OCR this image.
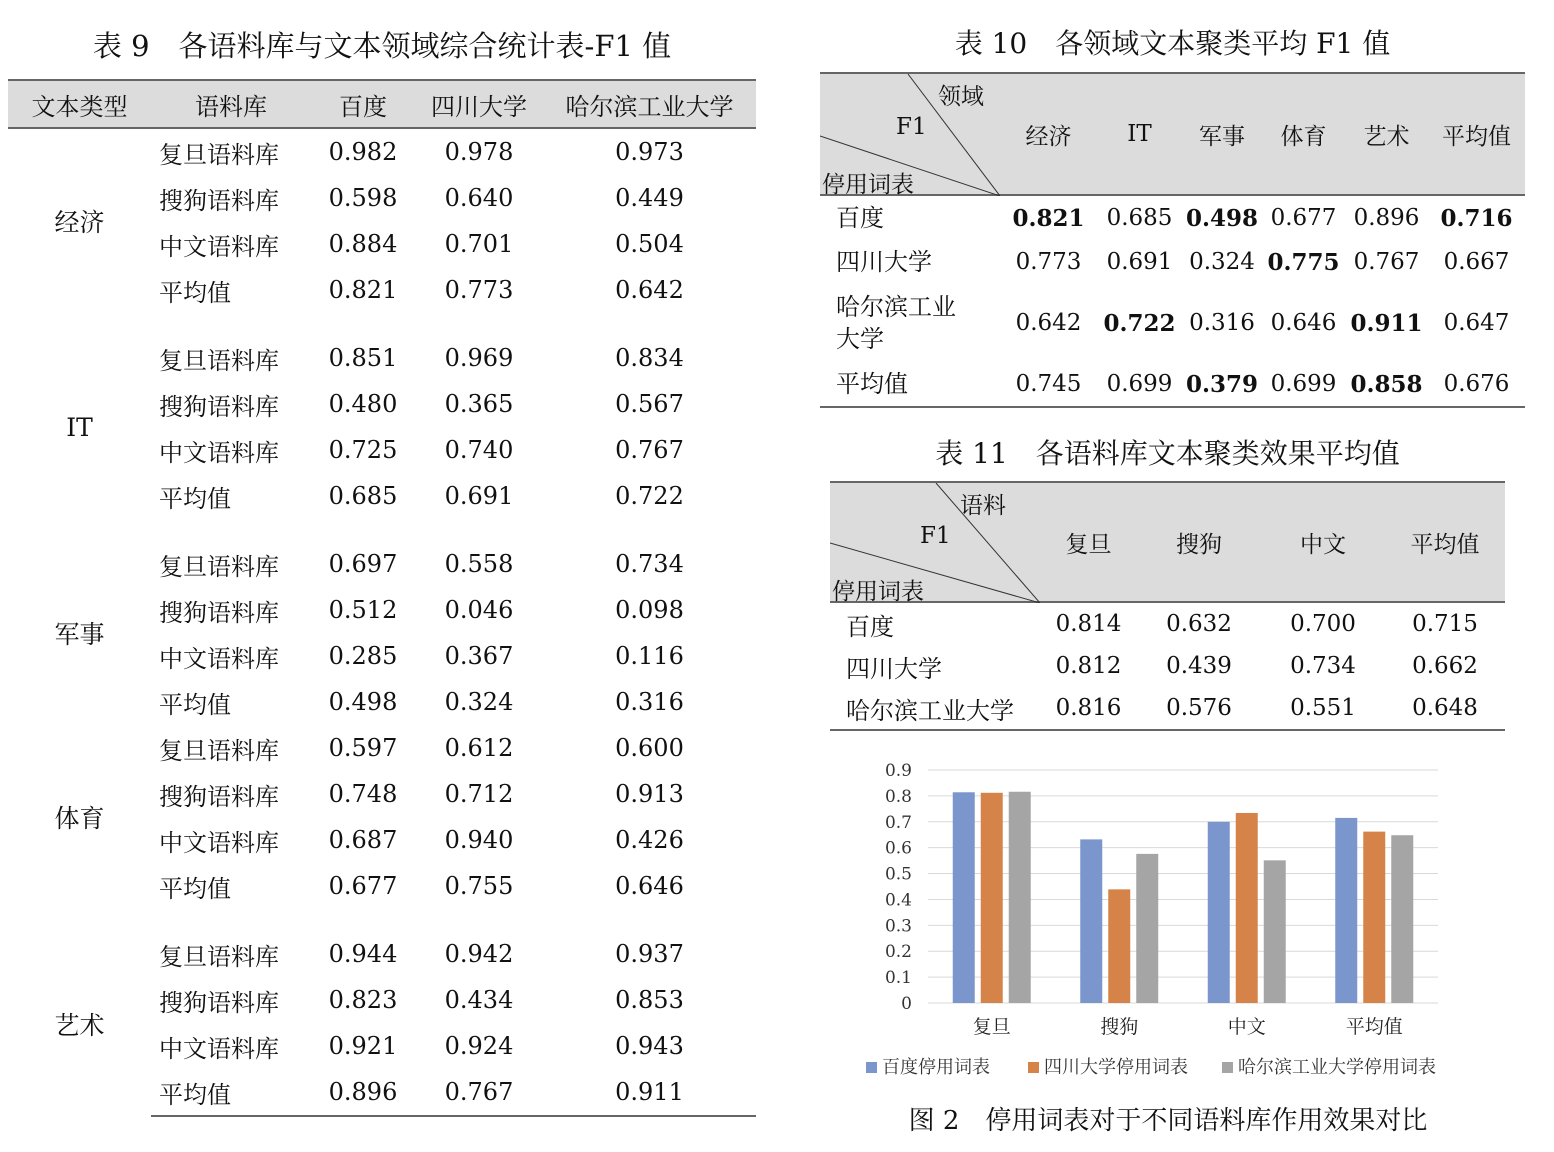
表 9　各语料库与文本领域综合统计表-F1 值
文本类型	语料库	百度	四川大学	哈尔滨工业大学
经济	复旦语料库	0.982	0.978	0.973
	搜狗语料库	0.598	0.640	0.449
	中文语料库	0.884	0.701	0.504
	平均值	0.821	0.773	0.642

IT	复旦语料库	0.851	0.969	0.834
	搜狗语料库	0.480	0.365	0.567
	中文语料库	0.725	0.740	0.767
	平均值	0.685	0.691	0.722

军事	复旦语料库	0.697	0.558	0.734
	搜狗语料库	0.512	0.046	0.098
	中文语料库	0.285	0.367	0.116
	平均值	0.498	0.324	0.316
体育	复旦语料库	0.597	0.612	0.600
	搜狗语料库	0.748	0.712	0.913
	中文语料库	0.687	0.940	0.426
	平均值	0.677	0.755	0.646

艺术	复旦语料库	0.944	0.942	0.937
	搜狗语料库	0.823	0.434	0.853
	中文语料库	0.921	0.924	0.943
	平均值	0.896	0.767	0.911
表 10　各领域文本聚类平均 F1 值
领域
F1
停用词表	经济	IT	军事	体育	艺术	平均值
百度	0.821	0.685	0.498	0.677	0.896	0.716
四川大学	0.773	0.691	0.324	0.775	0.767	0.667

哈尔滨工业大学	0.642	0.722	0.316	0.646	0.911	0.647
平均值	0.745	0.699	0.379	0.699	0.858	0.676
表 11　各语料库文本聚类效果平均值
语料
F1
停用词表	复旦	搜狗	中文	平均值
百度	0.814	0.632	0.700	0.715
四川大学	0.812	0.439	0.734	0.662
哈尔滨工业大学	0.816	0.576	0.551	0.648
0
0.1
0.2
0.3
0.4
0.5
0.6
0.7
0.8
0.9
复旦	搜狗	中文	平均值
百度停用词表	四川大学停用词表	哈尔滨工业大学停用词表
图 2　停用词表对于不同语料库作用效果对比
